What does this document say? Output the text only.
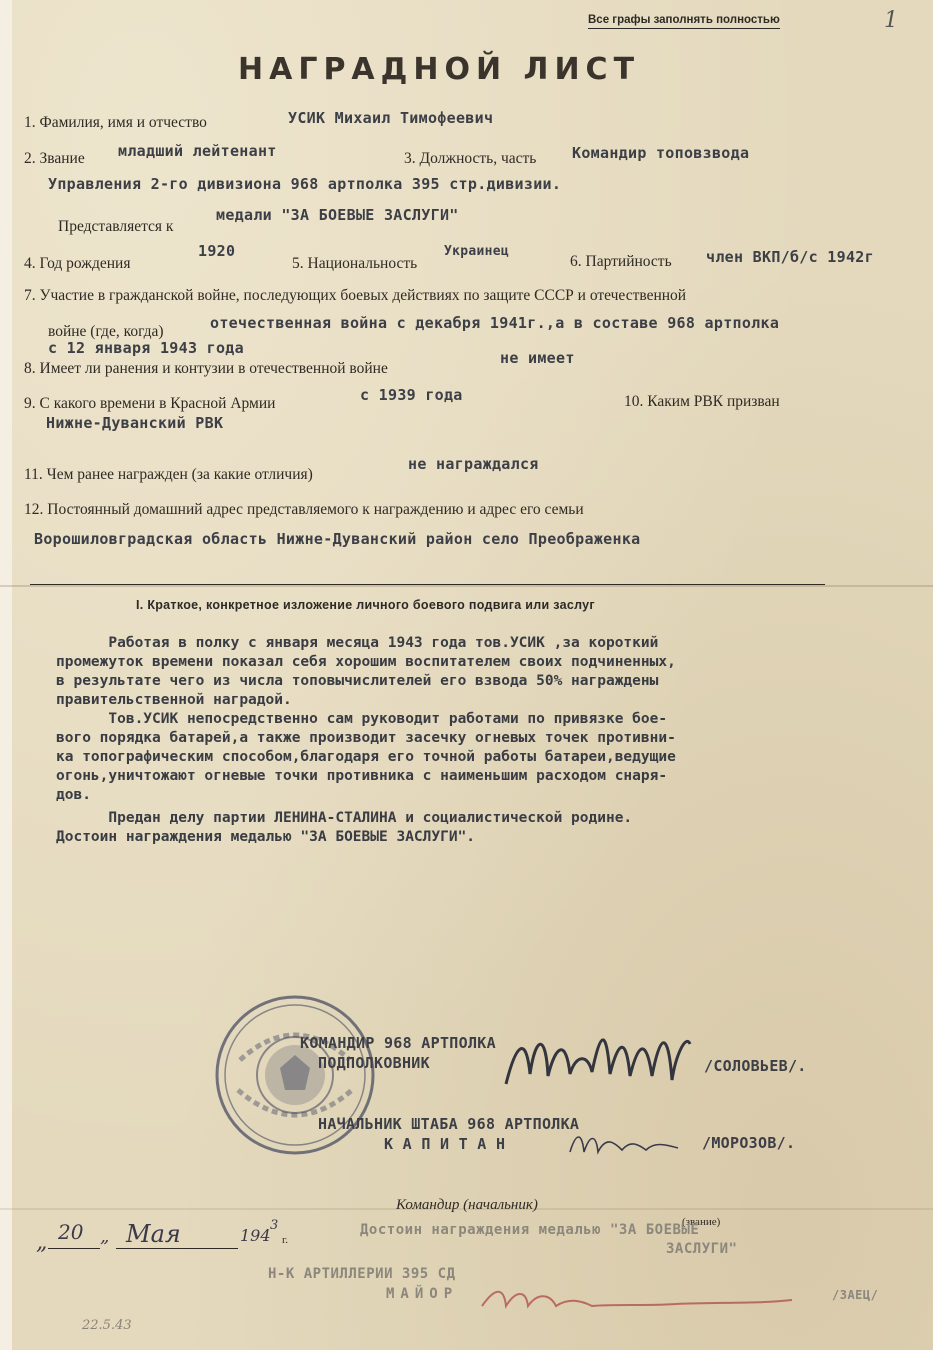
Все графы заполнять полностью	1
НАГРАДНОЙ ЛИСТ
1. Фамилия, имя и отчество	УСИК Михаил Тимофеевич
2. Звание младший лейтенант	3. Должность, часть Командир топовзвода
Управления 2-го дивизиона 968 артполка 395 стр.дивизии.
Представляется к
медали "ЗА БОЕВЫЕ ЗАСЛУГИ"
4. Год рождения
1920
5. Национальность
Украинец
6. Партийность член ВКП/б/с 1942г
7. Участие в гражданской войне, последующих боевых действиях по защите СССР и отечественной
войне (где, когда)	отечественная война с декабря 1941г.,а в составе 968 артполка
с 12 января 1943 года
8. Имеет ли ранения и контузии в отечественной войне
не имеет
9. С какого времени в Красной Армии	с 1939 года	10. Каким РВК призван
Нижне-Дуванский РВК
11. Чем ранее награжден (за какие отличия)
не награждался
12. Постоянный домашний адрес представляемого к награждению и адрес его семьи
Ворошиловградская область Нижне-Дуванский район село Преображенка
I. Краткое, конкретное изложение личного боевого подвига или заслуг
Работая в полку с января месяца 1943 года тов.УСИК ,за короткий
промежуток времени показал себя хорошим воспитателем своих подчиненных,
в результате чего из числа топовычислителей его взвода 50% награждены
правительственной наградой.
Тов.УСИК непосредственно сам руководит работами по привязке бое-
вого порядка батарей,а также производит засечку огневых точек противни-
ка топографическим способом,благодаря его точной работы батареи,ведущие
огонь,уничтожают огневые точки противника с наименьшим расходом снаря-
дов.
Предан делу партии ЛЕНИНА-СТАЛИНА и социалистической родине.
Достоин награждения медалью "ЗА БОЕВЫЕ ЗАСЛУГИ".
КОМАНДИР 968 АРТПОЛКА
ПОДПОЛКОВНИК	/СОЛОВЬЕВ/.
НАЧАЛЬНИК ШТАБА 968 АРТПОЛКА
К А П И Т А Н	/МОРОЗОВ/.
Командир (начальник)
(звание)
„ 20 „ Мая	194
3
г.
Достоин награждения медалью "ЗА БОЕВЫЕ
ЗАСЛУГИ"
Н-К АРТИЛЛЕРИИ 395 СД
МАЙОР	/ЗАЕЦ/
22.5.43
